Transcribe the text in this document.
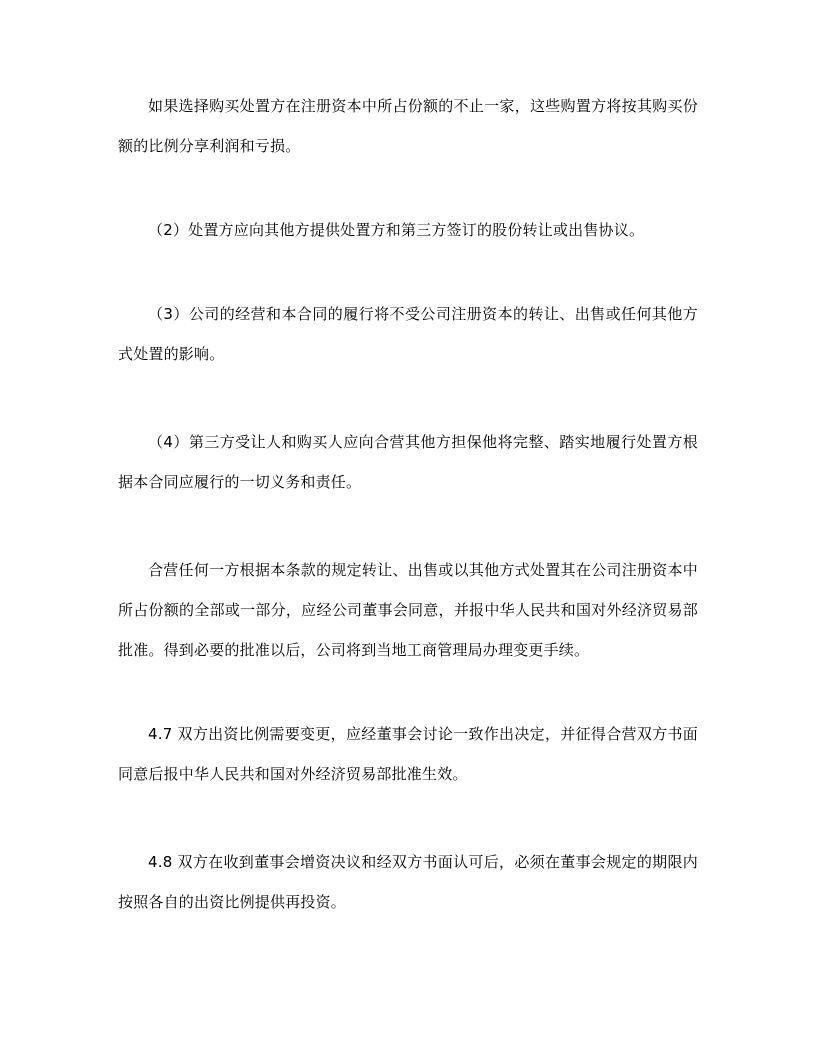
如果选择购买处置方在注册资本中所占份额的不止一家，这些购置方将按其购买份额的比例分享利润和亏损。

（2）处置方应向其他方提供处置方和第三方签订的股份转让或出售协议。

（3）公司的经营和本合同的履行将不受公司注册资本的转让、出售或任何其他方式处置的影响。

（4）第三方受让人和购买人应向合营其他方担保他将完整、踏实地履行处置方根据本合同应履行的一切义务和责任。

合营任何一方根据本条款的规定转让、出售或以其他方式处置其在公司注册资本中所占份额的全部或一部分，应经公司董事会同意，并报中华人民共和国对外经济贸易部批准。得到必要的批准以后，公司将到当地工商管理局办理变更手续。

4.7 双方出资比例需要变更，应经董事会讨论一致作出决定，并征得合营双方书面同意后报中华人民共和国对外经济贸易部批准生效。

4.8 双方在收到董事会增资决议和经双方书面认可后，必须在董事会规定的期限内按照各自的出资比例提供再投资。
